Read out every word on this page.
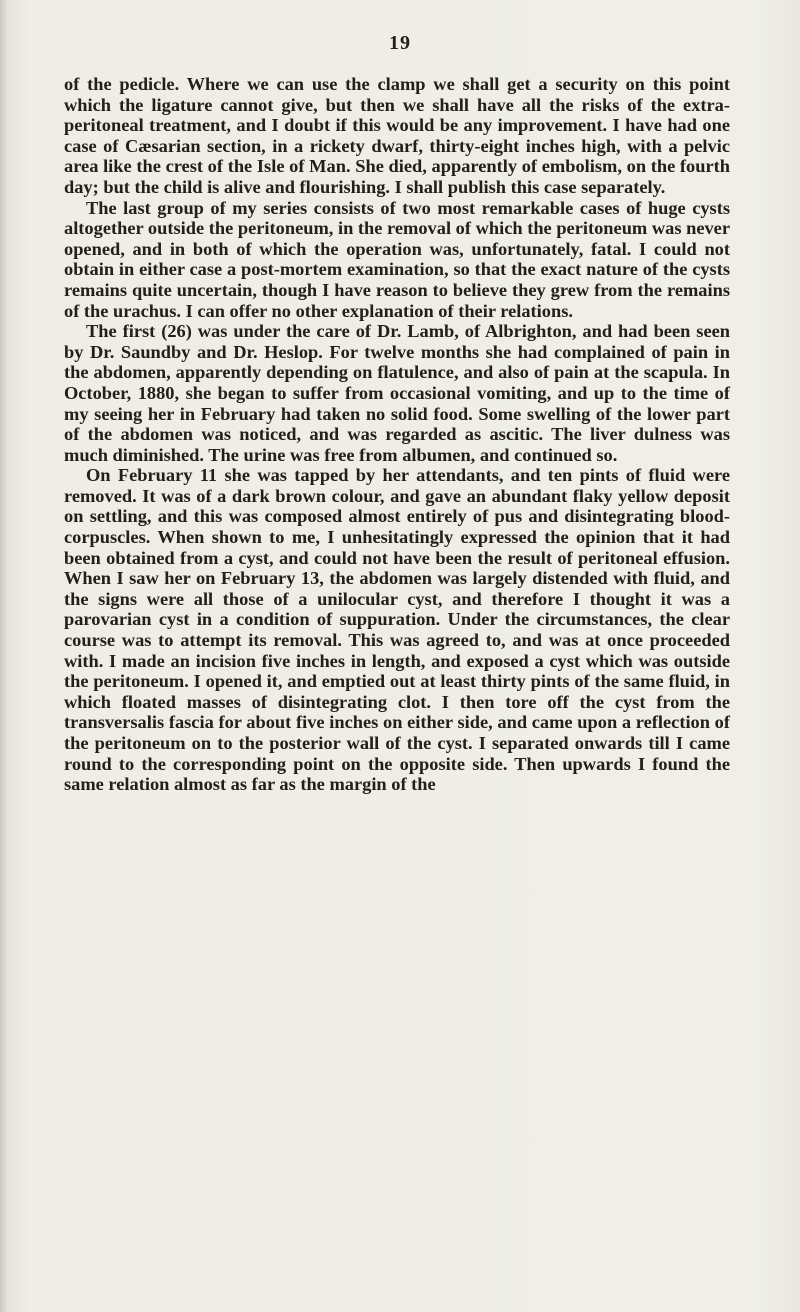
19

of the pedicle. Where we can use the clamp we shall get a security on this point which the ligature cannot give, but then we shall have all the risks of the extra-peritoneal treatment, and I doubt if this would be any improvement. I have had one case of Cæsarian section, in a rickety dwarf, thirty-eight inches high, with a pelvic area like the crest of the Isle of Man. She died, apparently of embolism, on the fourth day; but the child is alive and flourishing. I shall publish this case separately.

The last group of my series consists of two most remarkable cases of huge cysts altogether outside the peritoneum, in the removal of which the peritoneum was never opened, and in both of which the operation was, unfortunately, fatal. I could not obtain in either case a post-mortem examination, so that the exact nature of the cysts remains quite uncertain, though I have reason to believe they grew from the remains of the urachus. I can offer no other explanation of their relations.

The first (26) was under the care of Dr. Lamb, of Albrighton, and had been seen by Dr. Saundby and Dr. Heslop. For twelve months she had complained of pain in the abdomen, apparently depending on flatulence, and also of pain at the scapula. In October, 1880, she began to suffer from occasional vomiting, and up to the time of my seeing her in February had taken no solid food. Some swelling of the lower part of the abdomen was noticed, and was regarded as ascitic. The liver dulness was much diminished. The urine was free from albumen, and continued so.

On February 11 she was tapped by her attendants, and ten pints of fluid were removed. It was of a dark brown colour, and gave an abundant flaky yellow deposit on settling, and this was composed almost entirely of pus and disintegrating blood-corpuscles. When shown to me, I unhesitatingly expressed the opinion that it had been obtained from a cyst, and could not have been the result of peritoneal effusion. When I saw her on February 13, the abdomen was largely distended with fluid, and the signs were all those of a unilocular cyst, and therefore I thought it was a parovarian cyst in a condition of suppuration. Under the circumstances, the clear course was to attempt its removal. This was agreed to, and was at once proceeded with. I made an incision five inches in length, and exposed a cyst which was outside the peritoneum. I opened it, and emptied out at least thirty pints of the same fluid, in which floated masses of disintegrating clot. I then tore off the cyst from the transversalis fascia for about five inches on either side, and came upon a reflection of the peritoneum on to the posterior wall of the cyst. I separated onwards till I came round to the corresponding point on the opposite side. Then upwards I found the same relation almost as far as the margin of the
